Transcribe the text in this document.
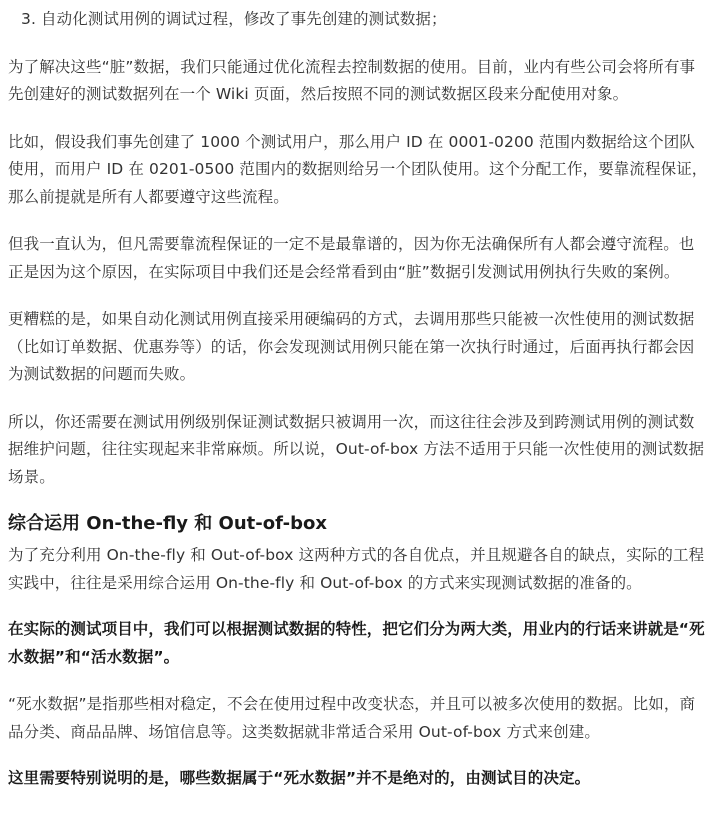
3. 自动化测试用例的调试过程，修改了事先创建的测试数据；

为了解决这些“脏”数据，我们只能通过优化流程去控制数据的使用。目前，业内有些公司会将所有事先创建好的测试数据列在一个 Wiki 页面，然后按照不同的测试数据区段来分配使用对象。

比如，假设我们事先创建了 1000 个测试用户，那么用户 ID 在 0001-0200 范围内数据给这个团队使用，而用户 ID 在 0201-0500 范围内的数据则给另一个团队使用。这个分配工作，要靠流程保证，那么前提就是所有人都要遵守这些流程。

但我一直认为，但凡需要靠流程保证的一定不是最靠谱的，因为你无法确保所有人都会遵守流程。也正是因为这个原因，在实际项目中我们还是会经常看到由“脏”数据引发测试用例执行失败的案例。

更糟糕的是，如果自动化测试用例直接采用硬编码的方式，去调用那些只能被一次性使用的测试数据（比如订单数据、优惠券等）的话，你会发现测试用例只能在第一次执行时通过，后面再执行都会因为测试数据的问题而失败。

所以，你还需要在测试用例级别保证测试数据只被调用一次，而这往往会涉及到跨测试用例的测试数据维护问题，往往实现起来非常麻烦。所以说，Out-of-box 方法不适用于只能一次性使用的测试数据场景。

综合运用 On-the-fly 和 Out-of-box

为了充分利用 On-the-fly 和 Out-of-box 这两种方式的各自优点，并且规避各自的缺点，实际的工程实践中，往往是采用综合运用 On-the-fly 和 Out-of-box 的方式来实现测试数据的准备的。

在实际的测试项目中，我们可以根据测试数据的特性，把它们分为两大类，用业内的行话来讲就是“死水数据”和“活水数据”。

“死水数据”是指那些相对稳定，不会在使用过程中改变状态，并且可以被多次使用的数据。比如，商品分类、商品品牌、场馆信息等。这类数据就非常适合采用 Out-of-box 方式来创建。

这里需要特别说明的是，哪些数据属于“死水数据”并不是绝对的，由测试目的决定。
